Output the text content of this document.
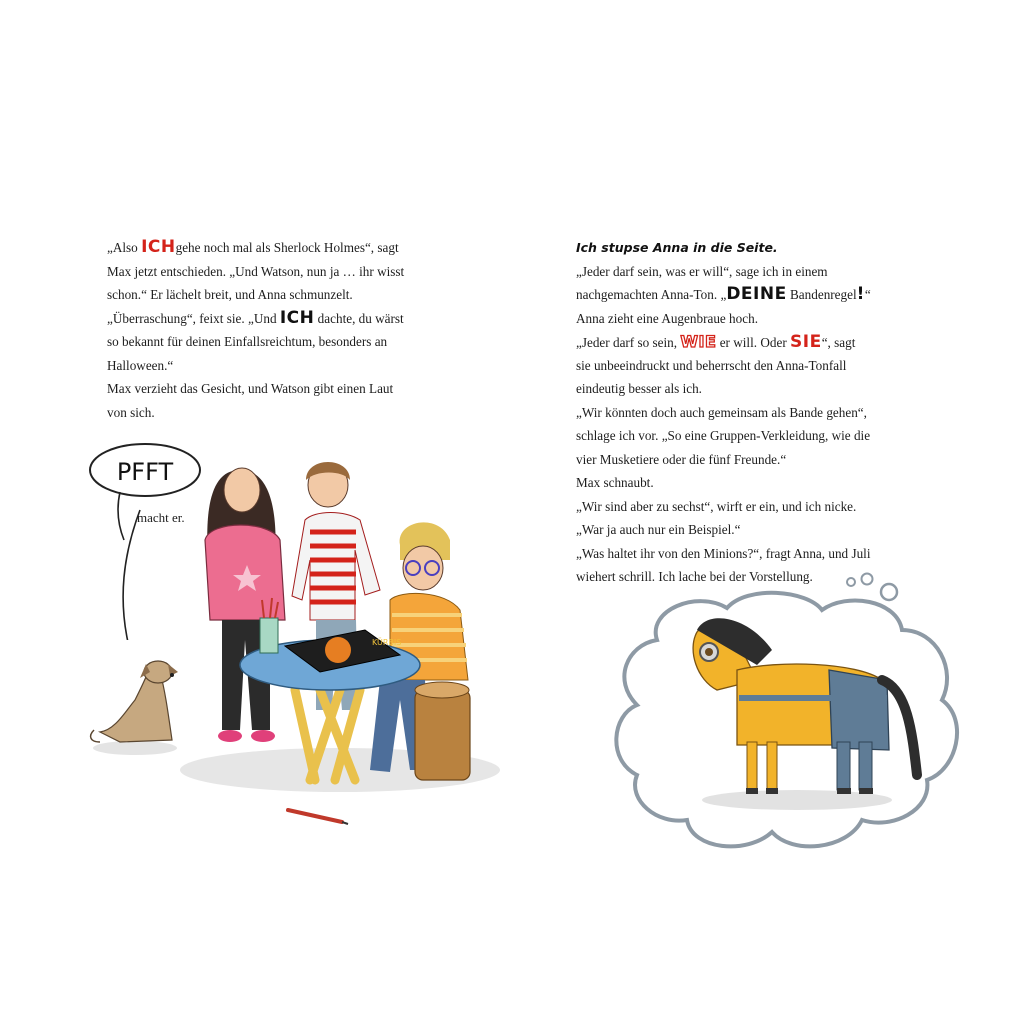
„Also ICHgehe noch mal als Sherlock Holmes“, sagt
Max jetzt entschieden. „Und Watson, nun ja … ihr wisst
schon.“ Er lächelt breit, und Anna schmunzelt.
„Überraschung“, feixt sie. „Und ICH dachte, du wärst
so bekannt für deinen Einfallsreichtum, besonders an
Halloween.“
Max verzieht das Gesicht, und Watson gibt einen Laut
von sich.
PFFT
macht er.
KÜRBIS
Ich stupse Anna in die Seite.
„Jeder darf sein, was er will“, sage ich in einem
nachgemachten Anna-Ton. „DEINE Bandenregel!“
Anna zieht eine Augenbraue hoch.
„Jeder darf so sein, WIE er will. Oder SIE“, sagt
sie unbeeindruckt und beherrscht den Anna-Tonfall
eindeutig besser als ich.
„Wir könnten doch auch gemeinsam als Bande gehen“,
schlage ich vor. „So eine Gruppen-Verkleidung, wie die
vier Musketiere oder die fünf Freunde.“
Max schnaubt.
„Wir sind aber zu sechst“, wirft er ein, und ich nicke.
„War ja auch nur ein Beispiel.“
„Was haltet ihr von den Minions?“, fragt Anna, und Juli
wiehert schrill. Ich lache bei der Vorstellung.
